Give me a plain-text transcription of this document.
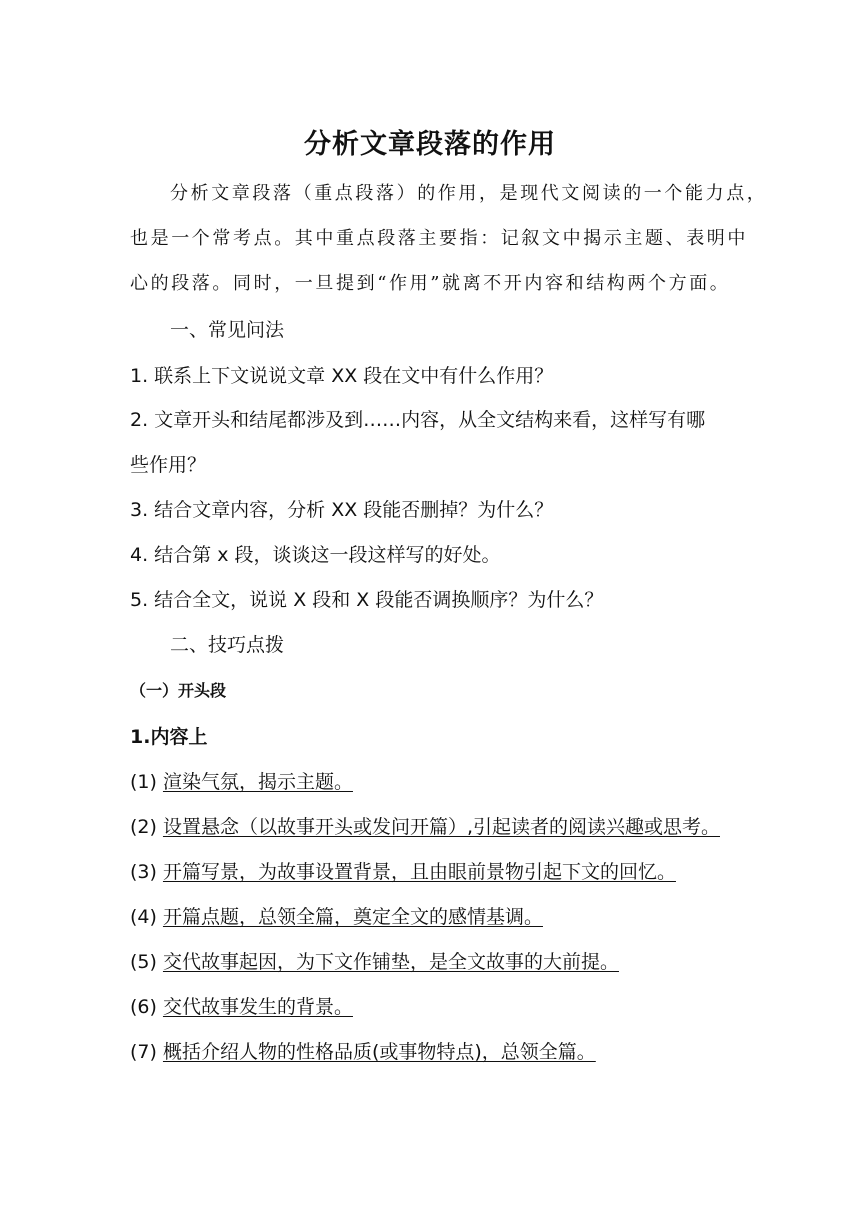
分析文章段落的作用

分析文章段落（重点段落）的作用，是现代文阅读的一个能力点，

也是一个常考点。其中重点段落主要指：记叙文中揭示主题、表明中

心的段落。同时，一旦提到“作用”就离不开内容和结构两个方面。

一、常见问法

1. 联系上下文说说文章 XX 段在文中有什么作用？

2. 文章开头和结尾都涉及到……内容，从全文结构来看，这样写有哪

些作用？

3. 结合文章内容，分析 XX 段能否删掉？为什么？

4. 结合第 x 段，谈谈这一段这样写的好处。

5. 结合全文，说说 X 段和 X 段能否调换顺序？为什么？

二、技巧点拨

（一）开头段

1.内容上

(1) 渲染气氛，揭示主题。

(2) 设置悬念（以故事开头或发问开篇）,引起读者的阅读兴趣或思考。

(3) 开篇写景，为故事设置背景，且由眼前景物引起下文的回忆。

(4) 开篇点题，总领全篇，奠定全文的感情基调。

(5) 交代故事起因，为下文作铺垫，是全文故事的大前提。

(6) 交代故事发生的背景。

(7) 概括介绍人物的性格品质(或事物特点)，总领全篇。
